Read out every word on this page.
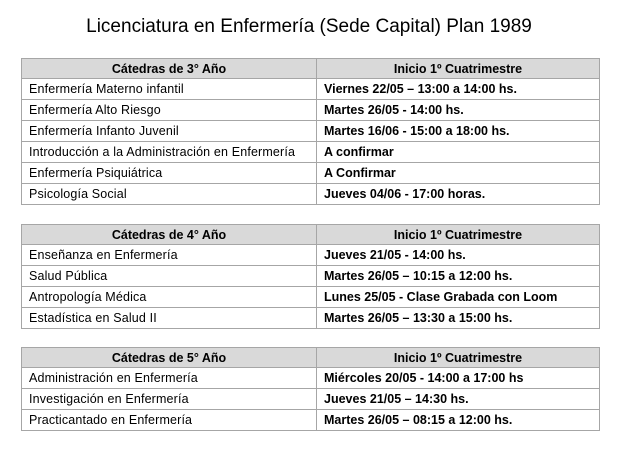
Licenciatura en Enfermería (Sede Capital) Plan 1989
Cátedras de 3° Año	Inicio 1º Cuatrimestre
Enfermería Materno infantil	Viernes 22/05 – 13:00 a 14:00 hs.
Enfermería Alto Riesgo	Martes 26/05 - 14:00 hs.
Enfermería Infanto Juvenil	Martes 16/06 - 15:00 a 18:00 hs.
Introducción a la Administración en Enfermería	A confirmar
Enfermería Psiquiátrica	A Confirmar
Psicología Social	Jueves 04/06 - 17:00 horas.
Cátedras de 4° Año	Inicio 1º Cuatrimestre
Enseñanza en Enfermería	Jueves 21/05 - 14:00 hs.
Salud Pública	Martes 26/05 – 10:15 a 12:00 hs.
Antropología Médica	Lunes 25/05 - Clase Grabada con Loom
Estadística en Salud II	Martes 26/05 – 13:30 a 15:00 hs.
Cátedras de 5° Año	Inicio 1º Cuatrimestre
Administración en Enfermería	Miércoles 20/05 - 14:00 a 17:00 hs
Investigación en Enfermería	Jueves 21/05 – 14:30 hs.
Practicantado en Enfermería	Martes 26/05 – 08:15 a 12:00 hs.
